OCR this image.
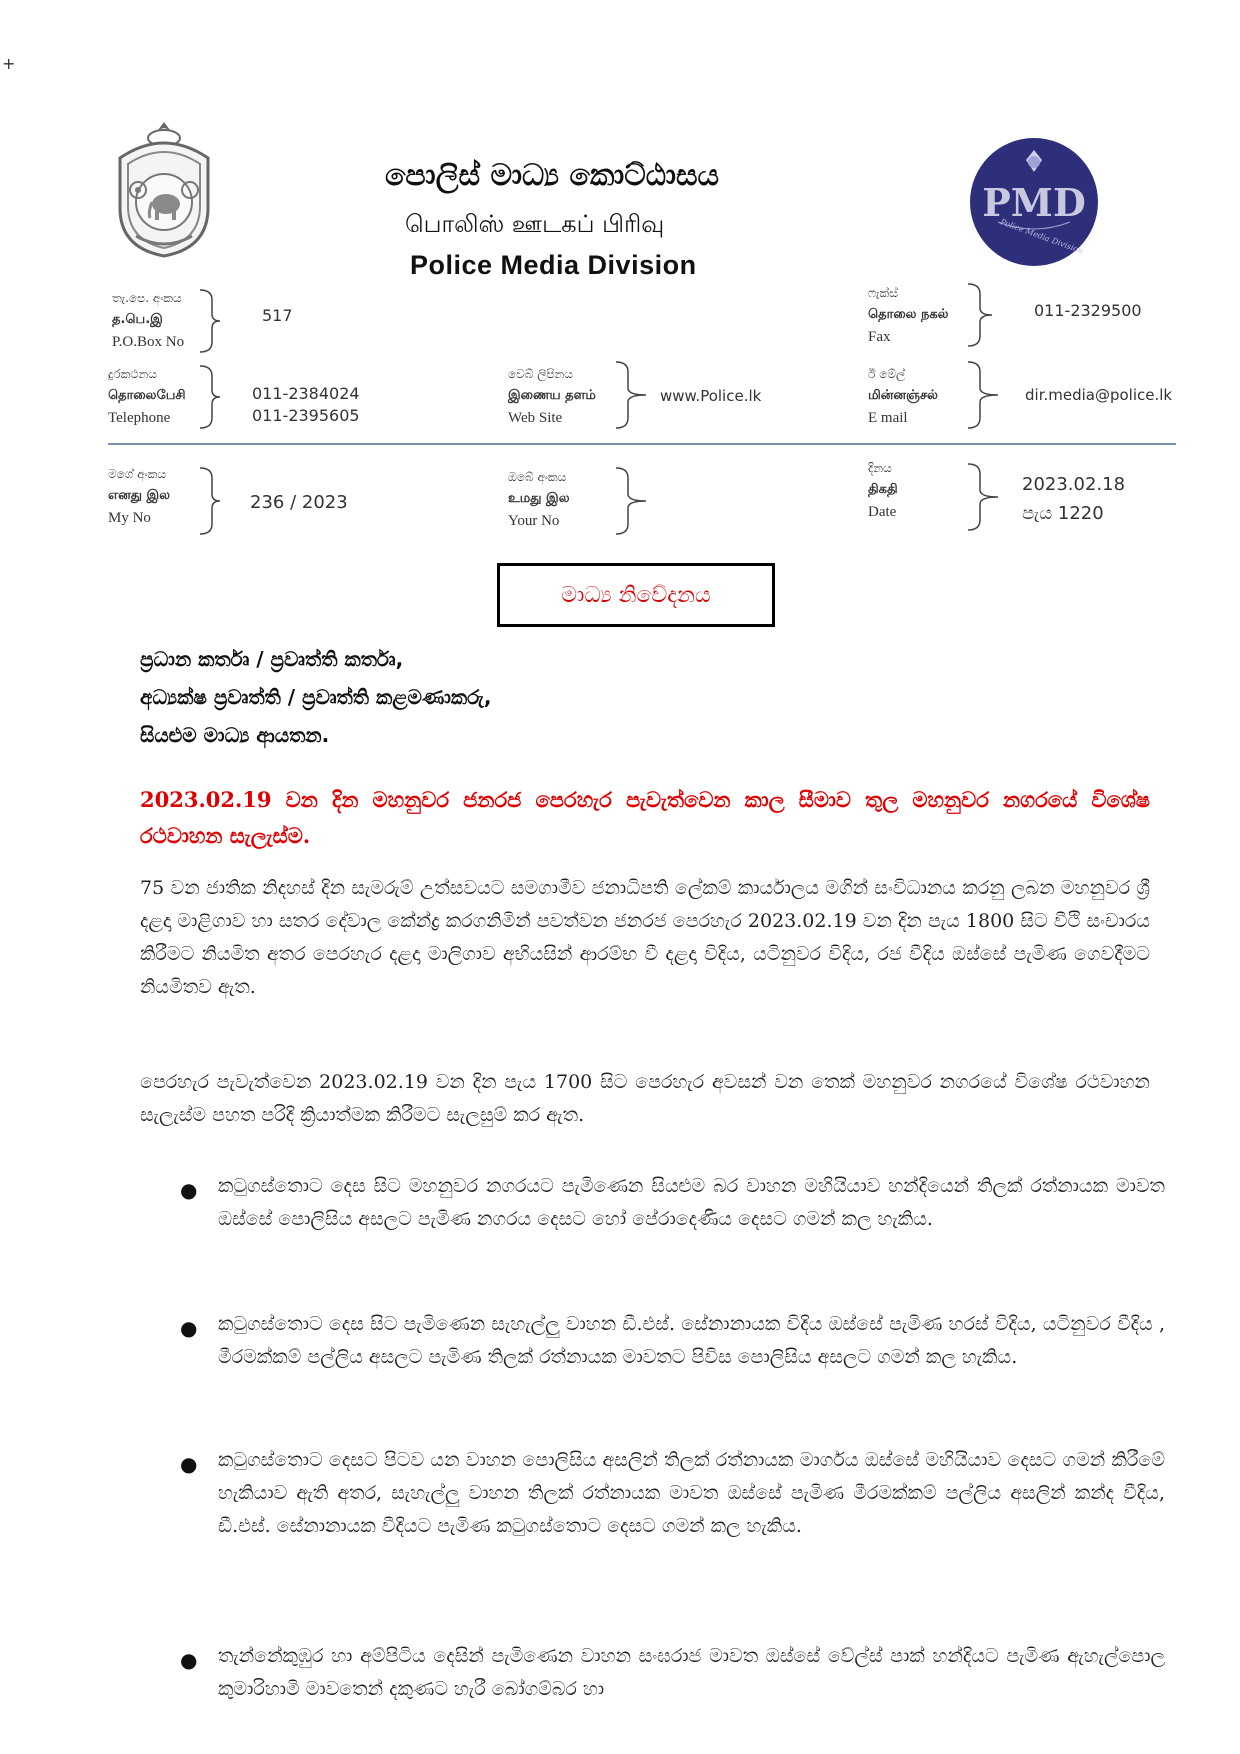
+
පොලිස් මාධ්‍ය කොට්ඨාසය
பொலிஸ் ஊடகப் பிரிவு
Police Media Division
PMD
Police Media Division
තැ.පෙ. අංකය
த.பெ.இ
P.O.Box No
517
ෆැක්ස්
தொலை நகல்
Fax
011-2329500
දුරකථනය
தொலைபேசி
Telephone
011-2384024
011-2395605
වෙබ් ලිපිනය
இணைய தளம்
Web Site
www.Police.lk
ඊ මේල්
மின்னஞ்சல்
E mail
dir.media@police.lk
මගේ අංකය
எனது இல
My No
236 / 2023
ඔබේ අංකය
உமது இல
Your No
දිනය
திகதி
Date
2023.02.18
පැය 1220
මාධ්‍ය නිවේදනය
ප්‍රධාන කර්තෘ / ප්‍රවෘත්ති කර්තෘ,
අධ්‍යක්ෂ ප්‍රවෘත්ති / ප්‍රවෘත්ති කළමණාකරු,
සියළුම මාධ්‍ය ආයතන.
2023.02.19 වන දින මහනුවර ජනරජ පෙරහැර පැවැත්වෙන කාල සීමාව තුල මහනුවර නගරයේ විශේෂ රථවාහන සැලැස්ම.
75 වන ජාතික නිදහස් දින සැමරුම් උත්සවයට සමගාමීව ජනාධිපති ලේකම් කාර්යාලය මගින් සංවිධානය කරනු ලබන මහනුවර ශ්‍රී දළදා මාළිගාව හා සතර දේවාල කේන්ද්‍ර කරගනිමින් පවත්වන ජනරජ පෙරහැර 2023.02.19 වන දින පැය 1800 සිට වීථි සංචාරය කිරීමට නියමිත අතර පෙරහැර දළදා මාලිගාව අභියසින් ආරම්භ වී දළදා විදිය, යටිනුවර විදිය, රජ වීදිය ඔස්සේ පැමිණ ගෙවදීමට නියමිතව ඇත.
පෙරහැර පැවැත්වෙන 2023.02.19 වන දින පැය 1700 සිට පෙරහැර අවසන් වන තෙක් මහනුවර නගරයේ විශේෂ රථවාහන සැලැස්ම පහත පරිදි ක්‍රියාත්මක කිරීමට සැලසුම් කර ඇත.
● කටුගස්තොට දෙස සිට මහනුවර නගරයට පැමිණෙන සියළුම බර වාහන මහියියාව හන්දියෙන් තිලක් රත්නායක මාවත ඔස්සේ පොලිසිය අසලට පැමිණ නගරය දෙසට හෝ පේරාදෙණිය දෙසට ගමන් කල හැකිය.
● කටුගස්තොට දෙස සිට පැමිණෙන සැහැල්ලු වාහන ඩී.එස්. සේනානායක විදිය ඔස්සේ පැමිණ හරස් විදිය, යටිනුවර වීදිය , මීරමක්කම් පල්ලිය අසලට පැමිණ තිලක් රත්නායක මාවතට පිවිස පොලිසිය අසලට ගමන් කල හැකිය.
● කටුගස්තොට දෙසට පිටව යන වාහන පොලිසිය අසලින් තිලක් රත්නායක මාර්ගය ඔස්සේ මහියියාව දෙසට ගමන් කිරීමේ හැකියාව ඇති අතර, සැහැල්ලු වාහන තිලක් රත්නායක මාවත ඔස්සේ පැමිණ මීරමක්කම් පල්ලිය අසලින් කන්ද වීදිය, ඩී.එස්. සේනානායක වීදියට පැමිණ කටුගස්තොට දෙසට ගමන් කල හැකිය.
● තැන්නේකුඹුර හා අම්පිටිය දෙසින් පැමිණෙන වාහන සංඝරාජ මාවත ඔස්සේ වේල්ස් පාක් හන්දියට පැමිණ ඇහැල්පොල කුමාරිහාමි මාවතෙන් දකුණට හැරී බෝගම්බර හා
